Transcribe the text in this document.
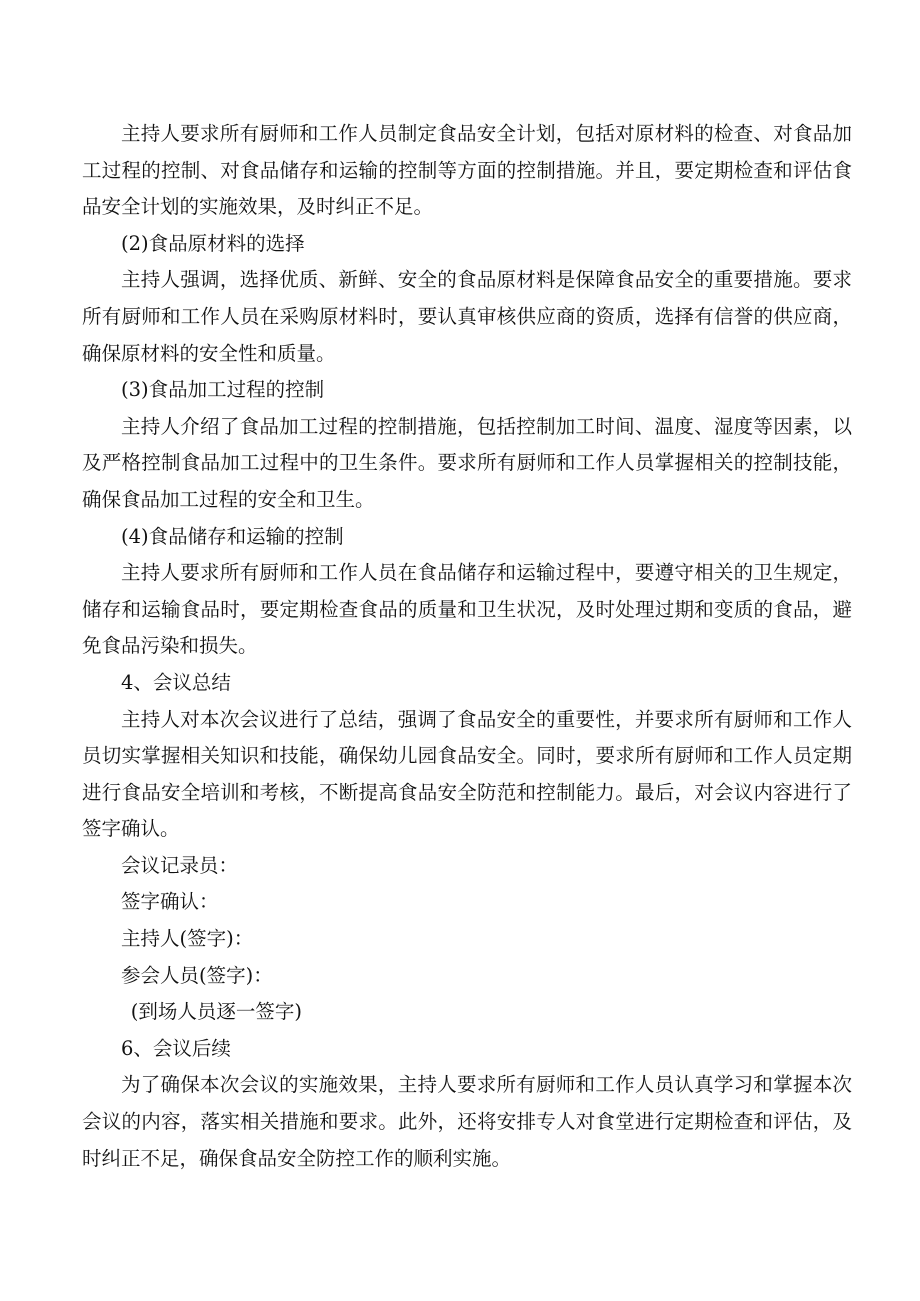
主持人要求所有厨师和工作人员制定食品安全计划，包括对原材料的检查、对食品加工过程的控制、对食品储存和运输的控制等方面的控制措施。并且，要定期检查和评估食品安全计划的实施效果，及时纠正不足。

(2)食品原材料的选择

主持人强调，选择优质、新鲜、安全的食品原材料是保障食品安全的重要措施。要求所有厨师和工作人员在采购原材料时，要认真审核供应商的资质，选择有信誉的供应商，确保原材料的安全性和质量。

(3)食品加工过程的控制

主持人介绍了食品加工过程的控制措施，包括控制加工时间、温度、湿度等因素，以及严格控制食品加工过程中的卫生条件。要求所有厨师和工作人员掌握相关的控制技能，确保食品加工过程的安全和卫生。

(4)食品储存和运输的控制

主持人要求所有厨师和工作人员在食品储存和运输过程中，要遵守相关的卫生规定，储存和运输食品时，要定期检查食品的质量和卫生状况，及时处理过期和变质的食品，避免食品污染和损失。

4、会议总结

主持人对本次会议进行了总结，强调了食品安全的重要性，并要求所有厨师和工作人员切实掌握相关知识和技能，确保幼儿园食品安全。同时，要求所有厨师和工作人员定期进行食品安全培训和考核，不断提高食品安全防范和控制能力。最后，对会议内容进行了签字确认。

会议记录员：

签字确认：

主持人(签字)：

参会人员(签字)：

(到场人员逐一签字)

6、会议后续

为了确保本次会议的实施效果，主持人要求所有厨师和工作人员认真学习和掌握本次会议的内容，落实相关措施和要求。此外，还将安排专人对食堂进行定期检查和评估，及时纠正不足，确保食品安全防控工作的顺利实施。
